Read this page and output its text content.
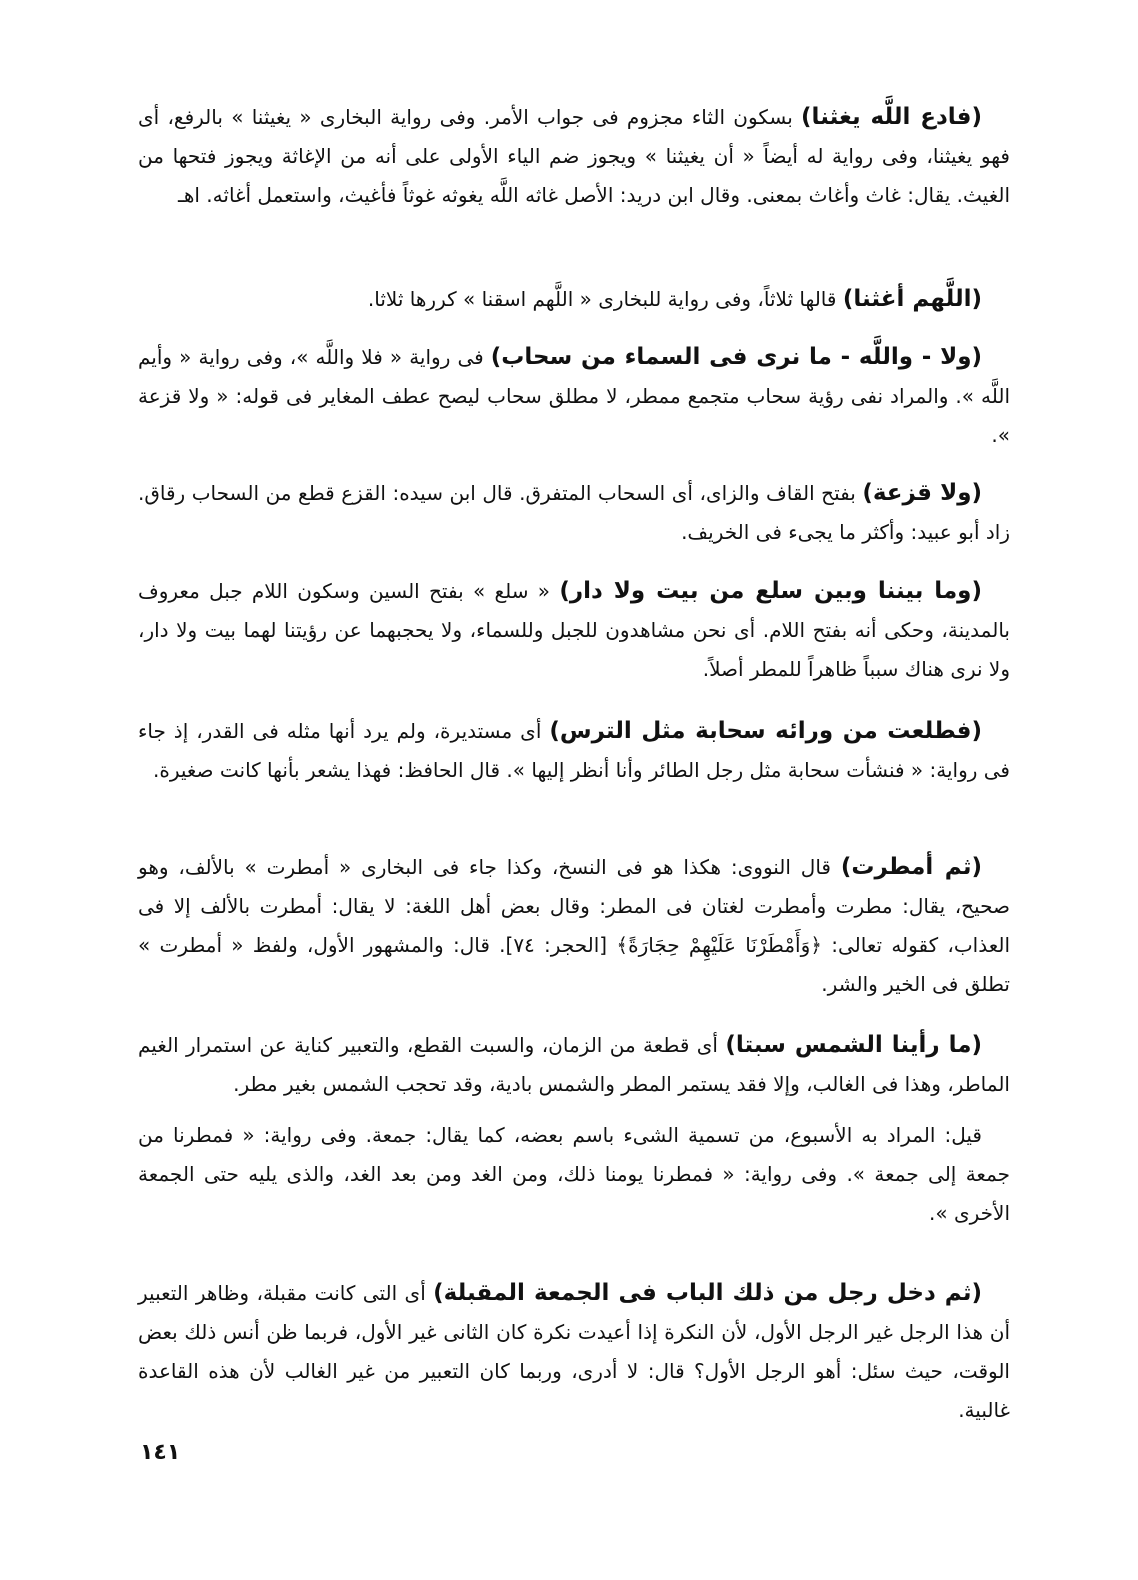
(فادع اللَّه يغثنا) بسكون الثاء مجزوم فى جواب الأمر. وفى رواية البخارى « يغيثنا » بالرفع، أى فهو يغيثنا، وفى رواية له أيضاً « أن يغيثنا » ويجوز ضم الياء الأولى على أنه من الإغاثة ويجوز فتحها من الغيث. يقال: غاث وأغاث بمعنى. وقال ابن دريد: الأصل غاثه اللَّه يغوثه غوثاً فأغيث، واستعمل أغاثه. اهـ
(اللَّهم أغثنا) قالها ثلاثاً، وفى رواية للبخارى « اللَّهم اسقنا » كررها ثلاثا.
(ولا - واللَّه - ما نرى فى السماء من سحاب) فى رواية « فلا واللَّه »، وفى رواية « وأيم اللَّه ». والمراد نفى رؤية سحاب متجمع ممطر، لا مطلق سحاب ليصح عطف المغاير فى قوله: « ولا قزعة ».
(ولا قزعة) بفتح القاف والزاى، أى السحاب المتفرق. قال ابن سيده: القزع قطع من السحاب رقاق. زاد أبو عبيد: وأكثر ما يجىء فى الخريف.
(وما بيننا وبين سلع من بيت ولا دار) « سلع » بفتح السين وسكون اللام جبل معروف بالمدينة، وحكى أنه بفتح اللام. أى نحن مشاهدون للجبل وللسماء، ولا يحجبهما عن رؤيتنا لهما بيت ولا دار، ولا نرى هناك سبباً ظاهراً للمطر أصلاً.
(فطلعت من ورائه سحابة مثل الترس) أى مستديرة، ولم يرد أنها مثله فى القدر، إذ جاء فى رواية: « فنشأت سحابة مثل رجل الطائر وأنا أنظر إليها ». قال الحافظ: فهذا يشعر بأنها كانت صغيرة.
(ثم أمطرت) قال النووى: هكذا هو فى النسخ، وكذا جاء فى البخارى « أمطرت » بالألف، وهو صحيح، يقال: مطرت وأمطرت لغتان فى المطر: وقال بعض أهل اللغة: لا يقال: أمطرت بالألف إلا فى العذاب، كقوله تعالى: ﴿وَأَمْطَرْنَا عَلَيْهِمْ حِجَارَةً﴾ [الحجر: ٧٤]. قال: والمشهور الأول، ولفظ « أمطرت » تطلق فى الخير والشر.
(ما رأينا الشمس سبتا) أى قطعة من الزمان، والسبت القطع، والتعبير كناية عن استمرار الغيم الماطر، وهذا فى الغالب، وإلا فقد يستمر المطر والشمس بادية، وقد تحجب الشمس بغير مطر.
قيل: المراد به الأسبوع، من تسمية الشىء باسم بعضه، كما يقال: جمعة. وفى رواية: « فمطرنا من جمعة إلى جمعة ». وفى رواية: « فمطرنا يومنا ذلك، ومن الغد ومن بعد الغد، والذى يليه حتى الجمعة الأخرى ».
(ثم دخل رجل من ذلك الباب فى الجمعة المقبلة) أى التى كانت مقبلة، وظاهر التعبير أن هذا الرجل غير الرجل الأول، لأن النكرة إذا أعيدت نكرة كان الثانى غير الأول، فربما ظن أنس ذلك بعض الوقت، حيث سئل: أهو الرجل الأول؟ قال: لا أدرى، وربما كان التعبير من غير الغالب لأن هذه القاعدة غالبية.
١٤١
